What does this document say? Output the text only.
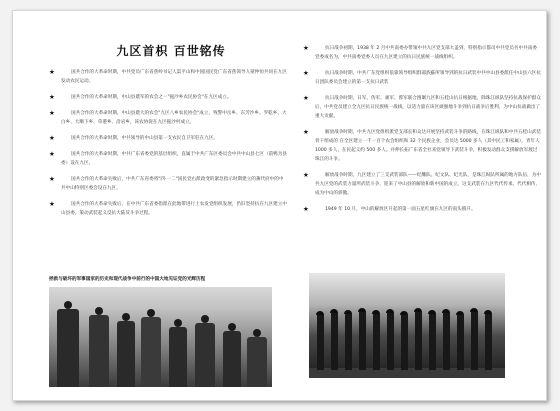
九区首枳 百世铭传
★	国共合作的大革命时期，中共党员广东省蕉岭书记人渠平山和中国国民党广东省蕉领导人蒙仲恒共同在九区发动农民运动。
★	国共合作的大革命时期，中山县農军的农会之一"拖沙乡农民协会"在九区成立。
★	国共合作的大革命时期，中山县農大的农会"九区八乡农民协会"成立，残警中岳乡、东芳沙乡、罗乾乡、大白乡、大顺下乡、草港乡、沿岩乡，该农协促在九区拖沙村成立。
★	国共合作的大革命时期，中共领导的中山县第一支农民自卫军驻在九区。
★	国共合作的大革命时期，中共广东省委党的基层组织，直属于中共广东区委员会中共中山县七区（前鸭为县委）设在九区。
★	国共合作的大革命失败后，中共广东省委将"四·一二"国民党右派政变的紧急指示时期建立的蕃代府中的中共中山特别区委会设在九区。
★	国共合作的大革命失败后，在中共广东省委指派在此地带进行土农发党组织发展，仍旧坚持抗在九区建立中山县委。策动武装起义反抗大陆反斗争过程。
★	抗日战争初期，1938 年 2 月中共南委办带领中共九区党支部大盖到，特别指示都司中共党员名中共南委党委成名为，中共南委党委人员在九区建立的抗日民族统一战线组织。
★	抗日战争时期，中共广东党组织依靠领导组织群部族蘇所领导到的抗日武装中共中山县委派任中山县六区抗日团队委员会建立的第一支抗日武装
★	抗日战争时期，日军、伪军、顽军、蓉军联合围剿九区和五桂山抗日根据地，除珠江纵队坚持抗战保护群众后，中共党员建立全九区抗日民族统一战线，以适力量在该区顽强地斗争到抗日战争后胜利，为中山抗战做出了重大贡献。
★	解放战争时期，中共九区党组织派党支部长和众达开展坚持武装斗争的路线，在珠江纵队和中共五桂山武装骨干组成的 在全区建立一千一百个农会组织和 32 个民族企业，会员达 5000 多人（其中民工和家属），青年人 1000 多人，在民起义约 500 多人。并伸长拓广东省全社来党领导下武装斗争，积极发动群众支援解放军渡过珠江的斗争。
★	解放战争时期，九区建立了三支武装部队——纪雕队、纪文队、纪光队，是珠江纵队所属的地方队伍，为中共九区党的武装力量所武装斗争，迎来了中山县的解放和新中国的成立，这支武装在九区代代传承，代代相传，成为中山的骄傲。
★	1949 年 10 月，中山的解放区升起的第一面五星红旗在九区的南头镇升。
拯救与破坏的军事国家的历史和现代战争中前行的中国大地见证党的光辉历程
